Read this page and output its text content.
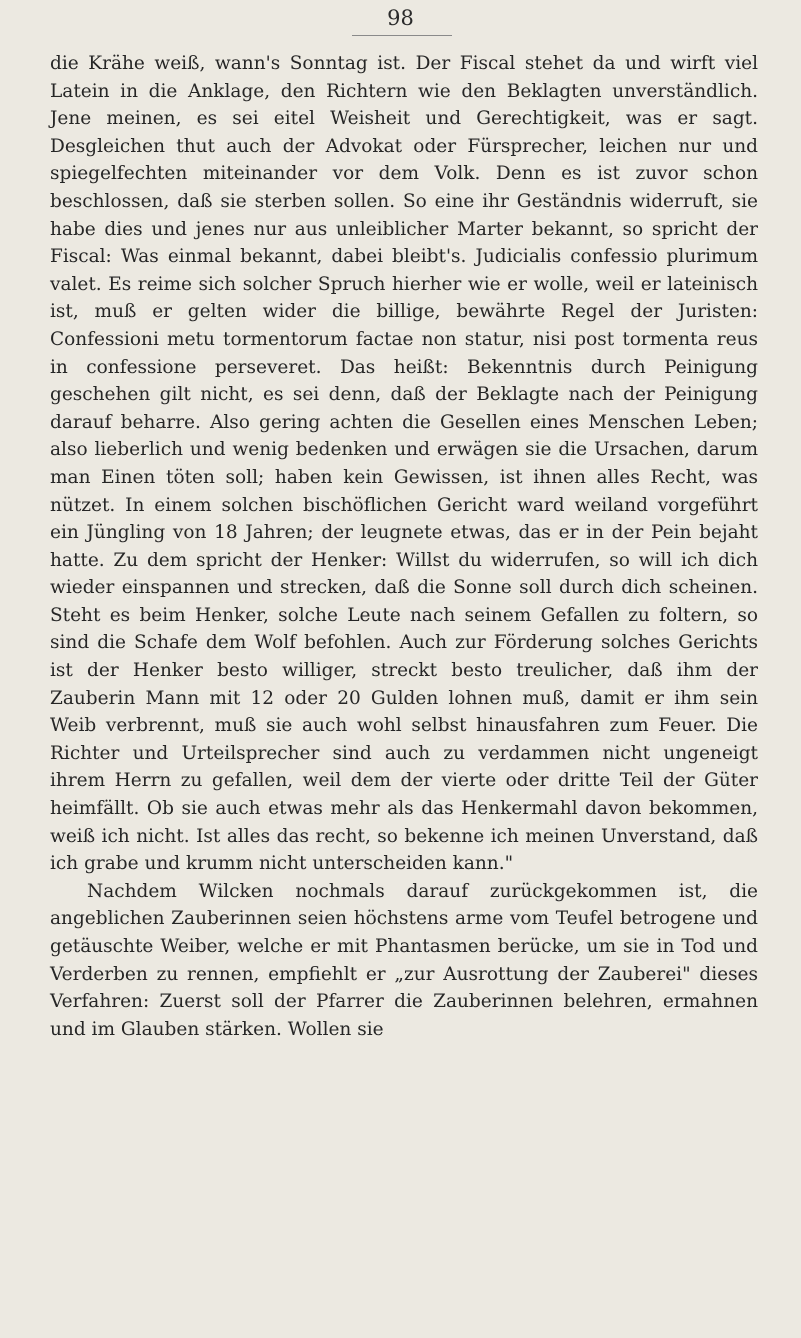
98

die Krähe weiß, wann's Sonntag ist. Der Fiscal stehet da und wirft viel Latein in die Anklage, den Richtern wie den Beklagten unverständlich. Jene meinen, es sei eitel Weisheit und Gerechtigkeit, was er sagt. Desgleichen thut auch der Advokat oder Fürsprecher, leichen nur und spiegelfechten miteinander vor dem Volk. Denn es ist zuvor schon beschlossen, daß sie sterben sollen. So eine ihr Geständnis widerruft, sie habe dies und jenes nur aus unleiblicher Marter bekannt, so spricht der Fiscal: Was einmal bekannt, dabei bleibt's. Judicialis confessio plurimum valet. Es reime sich solcher Spruch hierher wie er wolle, weil er lateinisch ist, muß er gelten wider die billige, bewährte Regel der Juristen: Confessioni metu tormentorum factae non statur, nisi post tormenta reus in confessione perseveret. Das heißt: Bekenntnis durch Peinigung geschehen gilt nicht, es sei denn, daß der Beklagte nach der Peinigung darauf beharre. Also gering achten die Gesellen eines Menschen Leben; also lieberlich und wenig bedenken und erwägen sie die Ursachen, darum man Einen töten soll; haben kein Gewissen, ist ihnen alles Recht, was nützet. In einem solchen bischöflichen Gericht ward weiland vorgeführt ein Jüngling von 18 Jahren; der leugnete etwas, das er in der Pein bejaht hatte. Zu dem spricht der Henker: Willst du widerrufen, so will ich dich wieder einspannen und strecken, daß die Sonne soll durch dich scheinen. Steht es beim Henker, solche Leute nach seinem Gefallen zu foltern, so sind die Schafe dem Wolf befohlen. Auch zur Förderung solches Gerichts ist der Henker besto williger, streckt besto treulicher, daß ihm der Zauberin Mann mit 12 oder 20 Gulden lohnen muß, damit er ihm sein Weib verbrennt, muß sie auch wohl selbst hinausfahren zum Feuer. Die Richter und Urteilsprecher sind auch zu verdammen nicht ungeneigt ihrem Herrn zu gefallen, weil dem der vierte oder dritte Teil der Güter heimfällt. Ob sie auch etwas mehr als das Henkermahl davon bekommen, weiß ich nicht. Ist alles das recht, so bekenne ich meinen Unverstand, daß ich grabe und krumm nicht unterscheiden kann."

Nachdem Wilcken nochmals darauf zurückgekommen ist, die angeblichen Zauberinnen seien höchstens arme vom Teufel betrogene und getäuschte Weiber, welche er mit Phantasmen berücke, um sie in Tod und Verderben zu rennen, empfiehlt er „zur Ausrottung der Zauberei" dieses Verfahren: Zuerst soll der Pfarrer die Zauberinnen belehren, ermahnen und im Glauben stärken. Wollen sie
